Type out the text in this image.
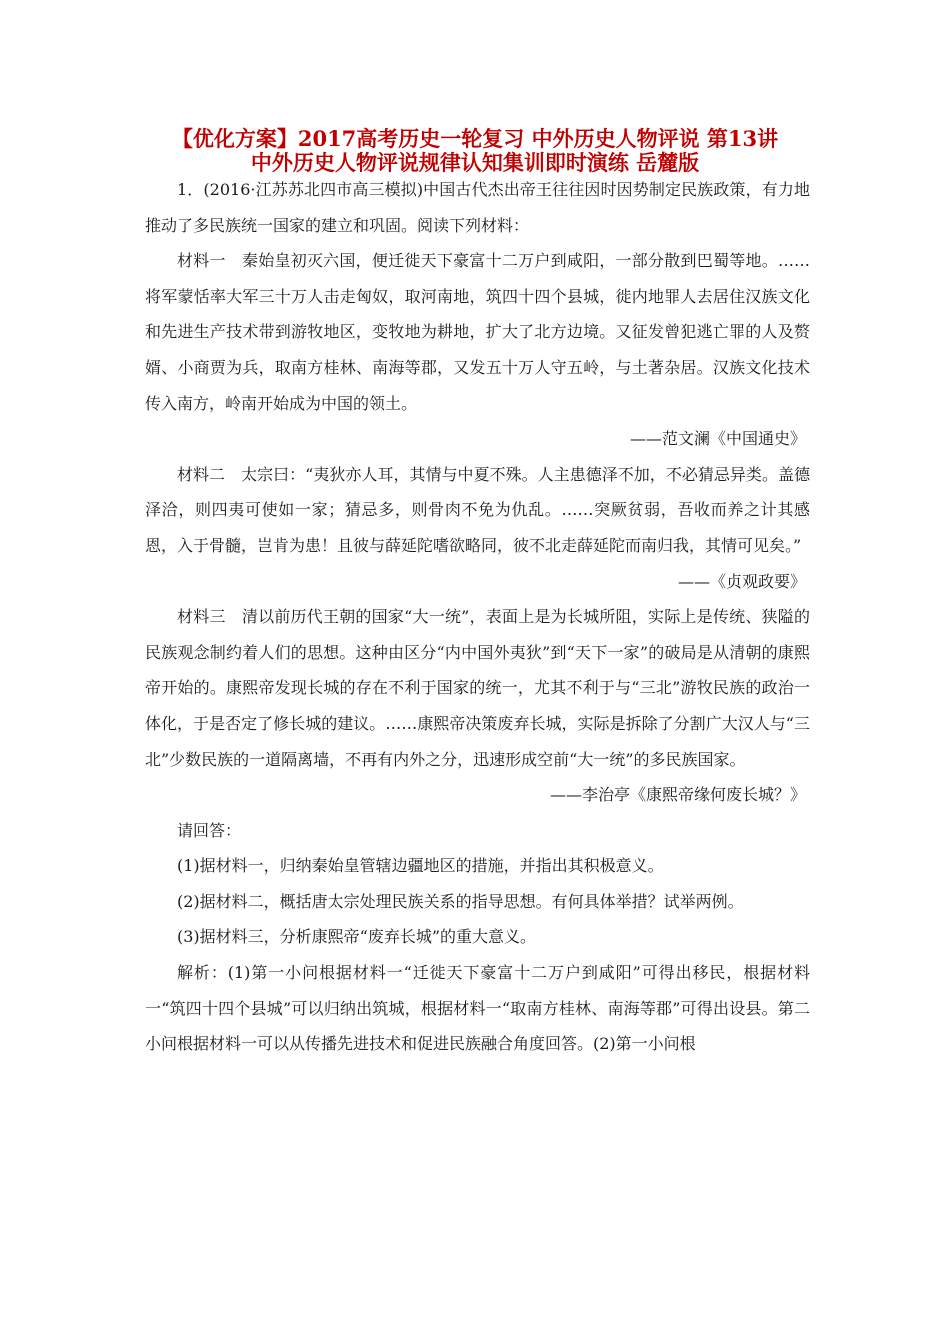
【优化方案】2017高考历史一轮复习 中外历史人物评说 第13讲
中外历史人物评说规律认知集训即时演练 岳麓版

1．(2016·江苏苏北四市高三模拟)中国古代杰出帝王往往因时因势制定民族政策，有力地推动了多民族统一国家的建立和巩固。阅读下列材料：

材料一　秦始皇初灭六国，便迁徙天下豪富十二万户到咸阳，一部分散到巴蜀等地。……将军蒙恬率大军三十万人击走匈奴，取河南地，筑四十四个县城，徙内地罪人去居住汉族文化和先进生产技术带到游牧地区，变牧地为耕地，扩大了北方边境。又征发曾犯逃亡罪的人及赘婿、小商贾为兵，取南方桂林、南海等郡，又发五十万人守五岭，与土著杂居。汉族文化技术传入南方，岭南开始成为中国的领土。

——范文澜《中国通史》

材料二　太宗曰：“夷狄亦人耳，其情与中夏不殊。人主患德泽不加，不必猜忌异类。盖德泽洽，则四夷可使如一家；猜忌多，则骨肉不免为仇乱。……突厥贫弱，吾收而养之计其感恩，入于骨髓，岂肯为患！且彼与薛延陀嗜欲略同，彼不北走薛延陀而南归我，其情可见矣。”

——《贞观政要》

材料三　清以前历代王朝的国家“大一统”，表面上是为长城所阻，实际上是传统、狭隘的民族观念制约着人们的思想。这种由区分“内中国外夷狄”到“天下一家”的破局是从清朝的康熙帝开始的。康熙帝发现长城的存在不利于国家的统一，尤其不利于与“三北”游牧民族的政治一体化，于是否定了修长城的建议。……康熙帝决策废弃长城，实际是拆除了分割广大汉人与“三北”少数民族的一道隔离墙，不再有内外之分，迅速形成空前“大一统”的多民族国家。

——李治亭《康熙帝缘何废长城？》

请回答：

(1)据材料一，归纳秦始皇管辖边疆地区的措施，并指出其积极意义。

(2)据材料二，概括唐太宗处理民族关系的指导思想。有何具体举措？试举两例。

(3)据材料三，分析康熙帝“废弃长城”的重大意义。

解析：(1)第一小问根据材料一“迁徙天下豪富十二万户到咸阳”可得出移民，根据材料一“筑四十四个县城”可以归纳出筑城，根据材料一“取南方桂林、南海等郡”可得出设县。第二小问根据材料一可以从传播先进技术和促进民族融合角度回答。(2)第一小问根
